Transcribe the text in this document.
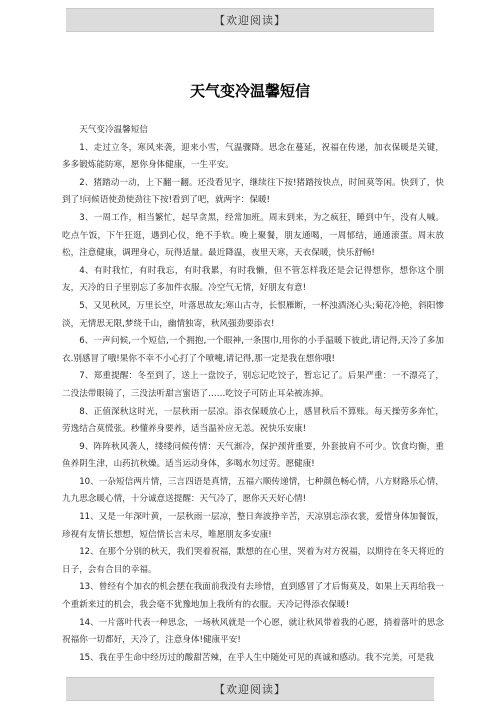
【欢迎阅读】
天气变冷温馨短信

天气变冷温馨短信

1、走过立冬，寒风来袭，迎来小雪，气温骤降。思念在蔓延，祝福在传递，加衣保暖是关键，多多锻炼能防寒，愿你身体健康，一生平安。

2、猪踏动一动，上下翻一翻。还没看见字，继续往下按!猪踏按快点，时间莫等闲。快到了，快到了!问候语使劲使劲往下按!看到了吧，就两字：保暖!

3、一周工作，相当繁忙，起早贪黑，经常加班。周末到来，为之疯狂，睡到中午，没有人喊。吃点午饭，下午狂逛，遇到心仪，绝不手软。晚上聚餐，朋友通喝，一周郁结，通通滚蛋。周末放松，注意健康，调理身心，玩得适量。最近降温，夜里天寒，天衣保暖，快乐舒畅!

4、有时我忙，有时我忘，有时我累，有时我懒，但不管怎样我还是会记得想你，想你这个朋友，天冷的日子里别忘了多加件衣服。冷空气无情，好朋友有意!

5、又见秋风，万里长空，叶落思故友;寒山古寺，长恨雁断，一杯浊酒浇心头;菊花冷艳，斜阳惨淡，无情思无限,梦绕千山，幽情独寄，秋风强劲要添衣!

6、一声问候,一个短信,一个拥抱,一个眼神,一条围巾,用你的小手温暖下彼此,请记得,天冷了多加衣.别感冒了哦!果你不幸不小心打了个喷嚏,请记得,那一定是我在想你哦!

7、郑重提醒：冬至到了，送上一盘饺子，别忘记吃饺子，暂忘记了。后果严重：一不漂亮了，二没法带眼镜了，三没法听甜言蜜语了……吃饺子可防止耳朵被冻掉。

8、正值深秋这时光，一层秋雨一层凉。添衣保暖放心上，感冒秋后不算账。每天操劳多奔忙，劳逸结合莫慌张。秒懂养身要养，适当温补应无恙。祝快乐安康!

9、阵阵秋风袭人，缕缕问候传情：天气渐冷，保护颈背重要，外套披肩不可少。饮食均衡，重鱼养阴生津，山药抗秋燥。适当运动身体，多喝水勿过劳。愿健康!

10、一杂短信两片情，三言四语是真情，五福六顺传递情，七种颜色畅心情，八方财路乐心情，九九思念暖心情，十分诚意送提醒：天气冷了，愿你天天好心情!

11、又是一年深叶黄，一层秋雨一层凉，整日奔波挣辛苦，天凉别忘添衣裳，爱惜身体加餐饭，珍视有友情长想想，短信情长言未尽，唯愿朋友多安康!

12、在那个分别的秋天，我们哭着祝福，默想的在心里，哭着为对方祝福，以期待在冬天将近的日子，会有合目的幸福。

13、曾经有个加衣的机会摆在我面前我没有去珍惜，直到感冒了才后悔莫及，如果上天再给我一个重新来过的机会，我会毫不犹豫地加上我所有的衣服。天冷记得添衣保暖!

14、一片落叶代表一种思念，一场秋风就是一个心愿，就让秋风带着我的心愿，捎着落叶的思念祝福你一切都好，天冷了，注意身体!健康平安!

15、我在乎生命中经历过的酸甜苦辣，在乎人生中随处可见的真诚和感动。我不完美，可是我

【欢迎阅读】
